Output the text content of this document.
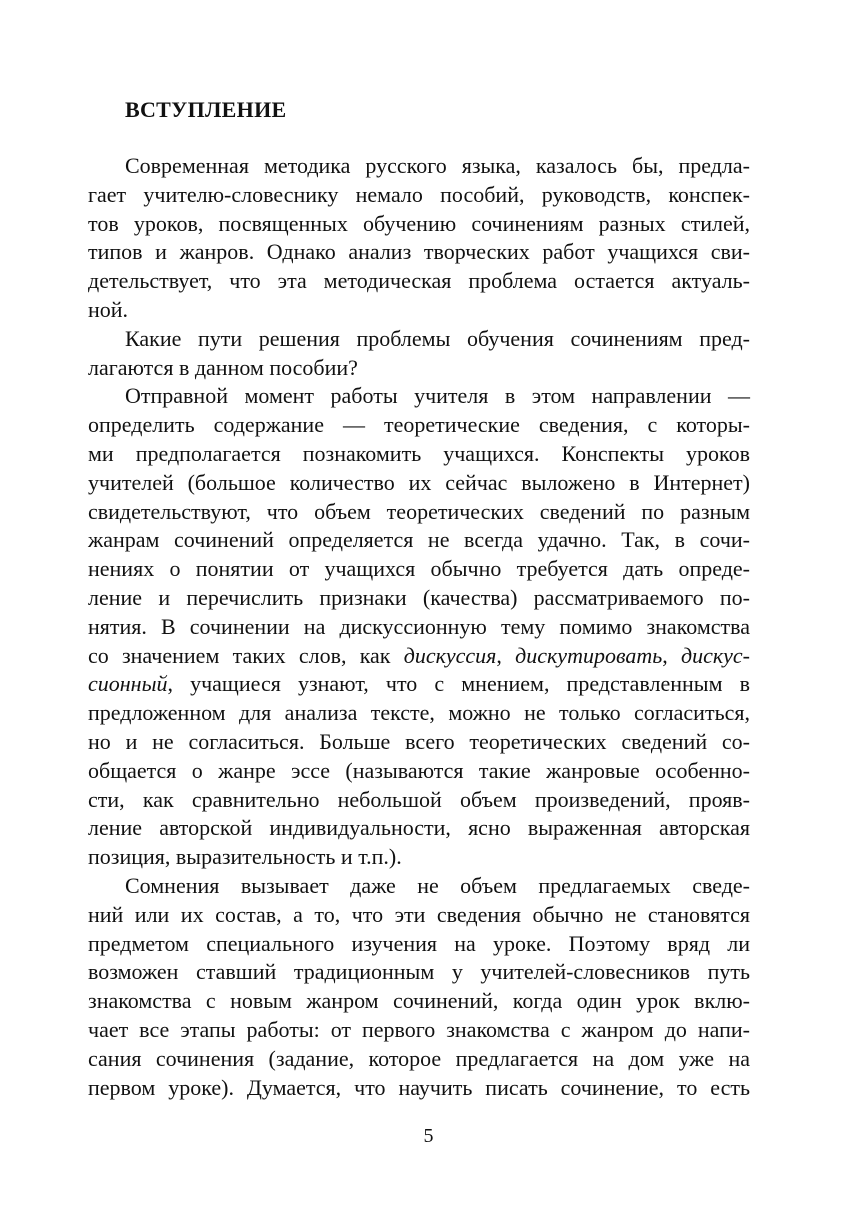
ВСТУПЛЕНИЕ
Современная методика русского языка, казалось бы, предла-
гает учителю-словеснику немало пособий, руководств, конспек-
тов уроков, посвященных обучению сочинениям разных стилей,
типов и жанров. Однако анализ творческих работ учащихся сви-
детельствует, что эта методическая проблема остается актуаль-
ной.
Какие пути решения проблемы обучения сочинениям пред-
лагаются в данном пособии?
Отправной момент работы учителя в этом направлении —
определить содержание — теоретические сведения, с которы-
ми предполагается познакомить учащихся. Конспекты уроков
учителей (большое количество их сейчас выложено в Интернет)
свидетельствуют, что объем теоретических сведений по разным
жанрам сочинений определяется не всегда удачно. Так, в сочи-
нениях о понятии от учащихся обычно требуется дать опреде-
ление и перечислить признаки (качества) рассматриваемого по-
нятия. В сочинении на дискуссионную тему помимо знакомства
со значением таких слов, как дискуссия, дискутировать, дискус-
сионный, учащиеся узнают, что с мнением, представленным в
предложенном для анализа тексте, можно не только согласиться,
но и не согласиться. Больше всего теоретических сведений со-
общается о жанре эссе (называются такие жанровые особенно-
сти, как сравнительно небольшой объем произведений, прояв-
ление авторской индивидуальности, ясно выраженная авторская
позиция, выразительность и т.п.).
Сомнения вызывает даже не объем предлагаемых сведе-
ний или их состав, а то, что эти сведения обычно не становятся
предметом специального изучения на уроке. Поэтому вряд ли
возможен ставший традиционным у учителей-словесников путь
знакомства с новым жанром сочинений, когда один урок вклю-
чает все этапы работы: от первого знакомства с жанром до напи-
сания сочинения (задание, которое предлагается на дом уже на
первом уроке). Думается, что научить писать сочинение, то есть
5
